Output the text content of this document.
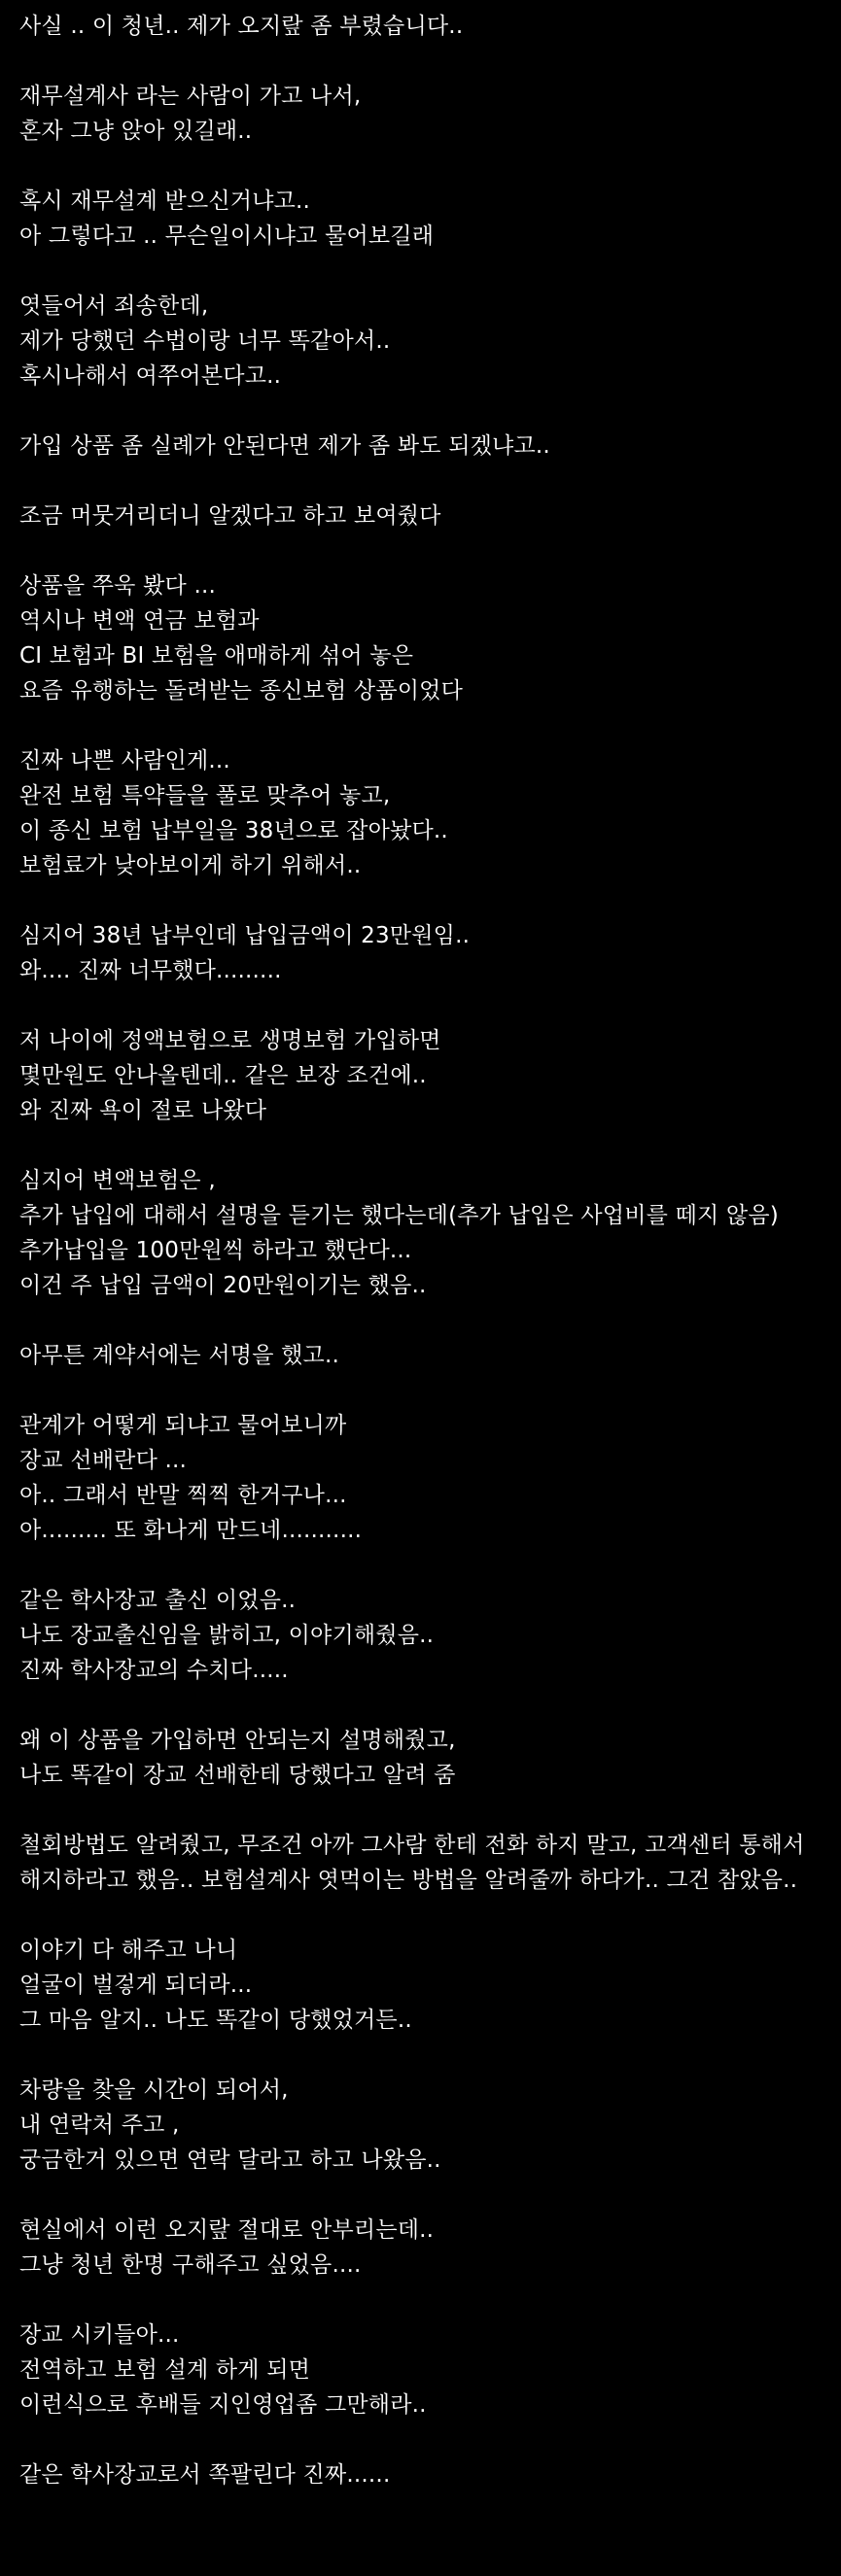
사실 .. 이 청년.. 제가 오지랖 좀 부렸습니다..
재무설계사 라는 사람이 가고 나서,
혼자 그냥 앉아 있길래..
혹시 재무설계 받으신거냐고..
아 그렇다고 .. 무슨일이시냐고 물어보길래
엿들어서 죄송한데,
제가 당했던 수법이랑 너무 똑같아서..
혹시나해서 여쭈어본다고..
가입 상품 좀 실례가 안된다면 제가 좀 봐도 되겠냐고..
조금 머뭇거리더니 알겠다고 하고 보여줬다
상품을 쭈욱 봤다 ...
역시나 변액 연금 보험과
CI 보험과 BI 보험을 애매하게 섞어 놓은
요즘 유행하는 돌려받는 종신보험 상품이었다
진짜 나쁜 사람인게...
완전 보험 특약들을 풀로 맞추어 놓고,
이 종신 보험 납부일을 38년으로 잡아놨다..
보험료가 낮아보이게 하기 위해서..
심지어 38년 납부인데 납입금액이 23만원임..
와.... 진짜 너무했다.........
저 나이에 정액보험으로 생명보험 가입하면
몇만원도 안나올텐데.. 같은 보장 조건에..
와 진짜 욕이 절로 나왔다
심지어 변액보험은 ,
추가 납입에 대해서 설명을 듣기는 했다는데(추가 납입은 사업비를 떼지 않음)
추가납입을 100만원씩 하라고 했단다...
이건 주 납입 금액이 20만원이기는 했음..
아무튼 계약서에는 서명을 했고..
관계가 어떻게 되냐고 물어보니까
장교 선배란다 ...
아.. 그래서 반말 찍찍 한거구나...
아......... 또 화나게 만드네...........
같은 학사장교 출신 이었음..
나도 장교출신임을 밝히고, 이야기해줬음..
진짜 학사장교의 수치다.....
왜 이 상품을 가입하면 안되는지 설명해줬고,
나도 똑같이 장교 선배한테 당했다고 알려 줌
철회방법도 알려줬고, 무조건 아까 그사람 한테 전화 하지 말고, 고객센터 통해서 해지하라고 했음.. 보험설계사 엿먹이는 방법을 알려줄까 하다가.. 그건 참았음..
이야기 다 해주고 나니
얼굴이 벌겋게 되더라...
그 마음 알지.. 나도 똑같이 당했었거든..
차량을 찾을 시간이 되어서,
내 연락처 주고 ,
궁금한거 있으면 연락 달라고 하고 나왔음..
현실에서 이런 오지랖 절대로 안부리는데..
그냥 청년 한명 구해주고 싶었음....
장교 시키들아...
전역하고 보험 설계 하게 되면
이런식으로 후배들 지인영업좀 그만해라..
같은 학사장교로서 쪽팔린다 진짜......
